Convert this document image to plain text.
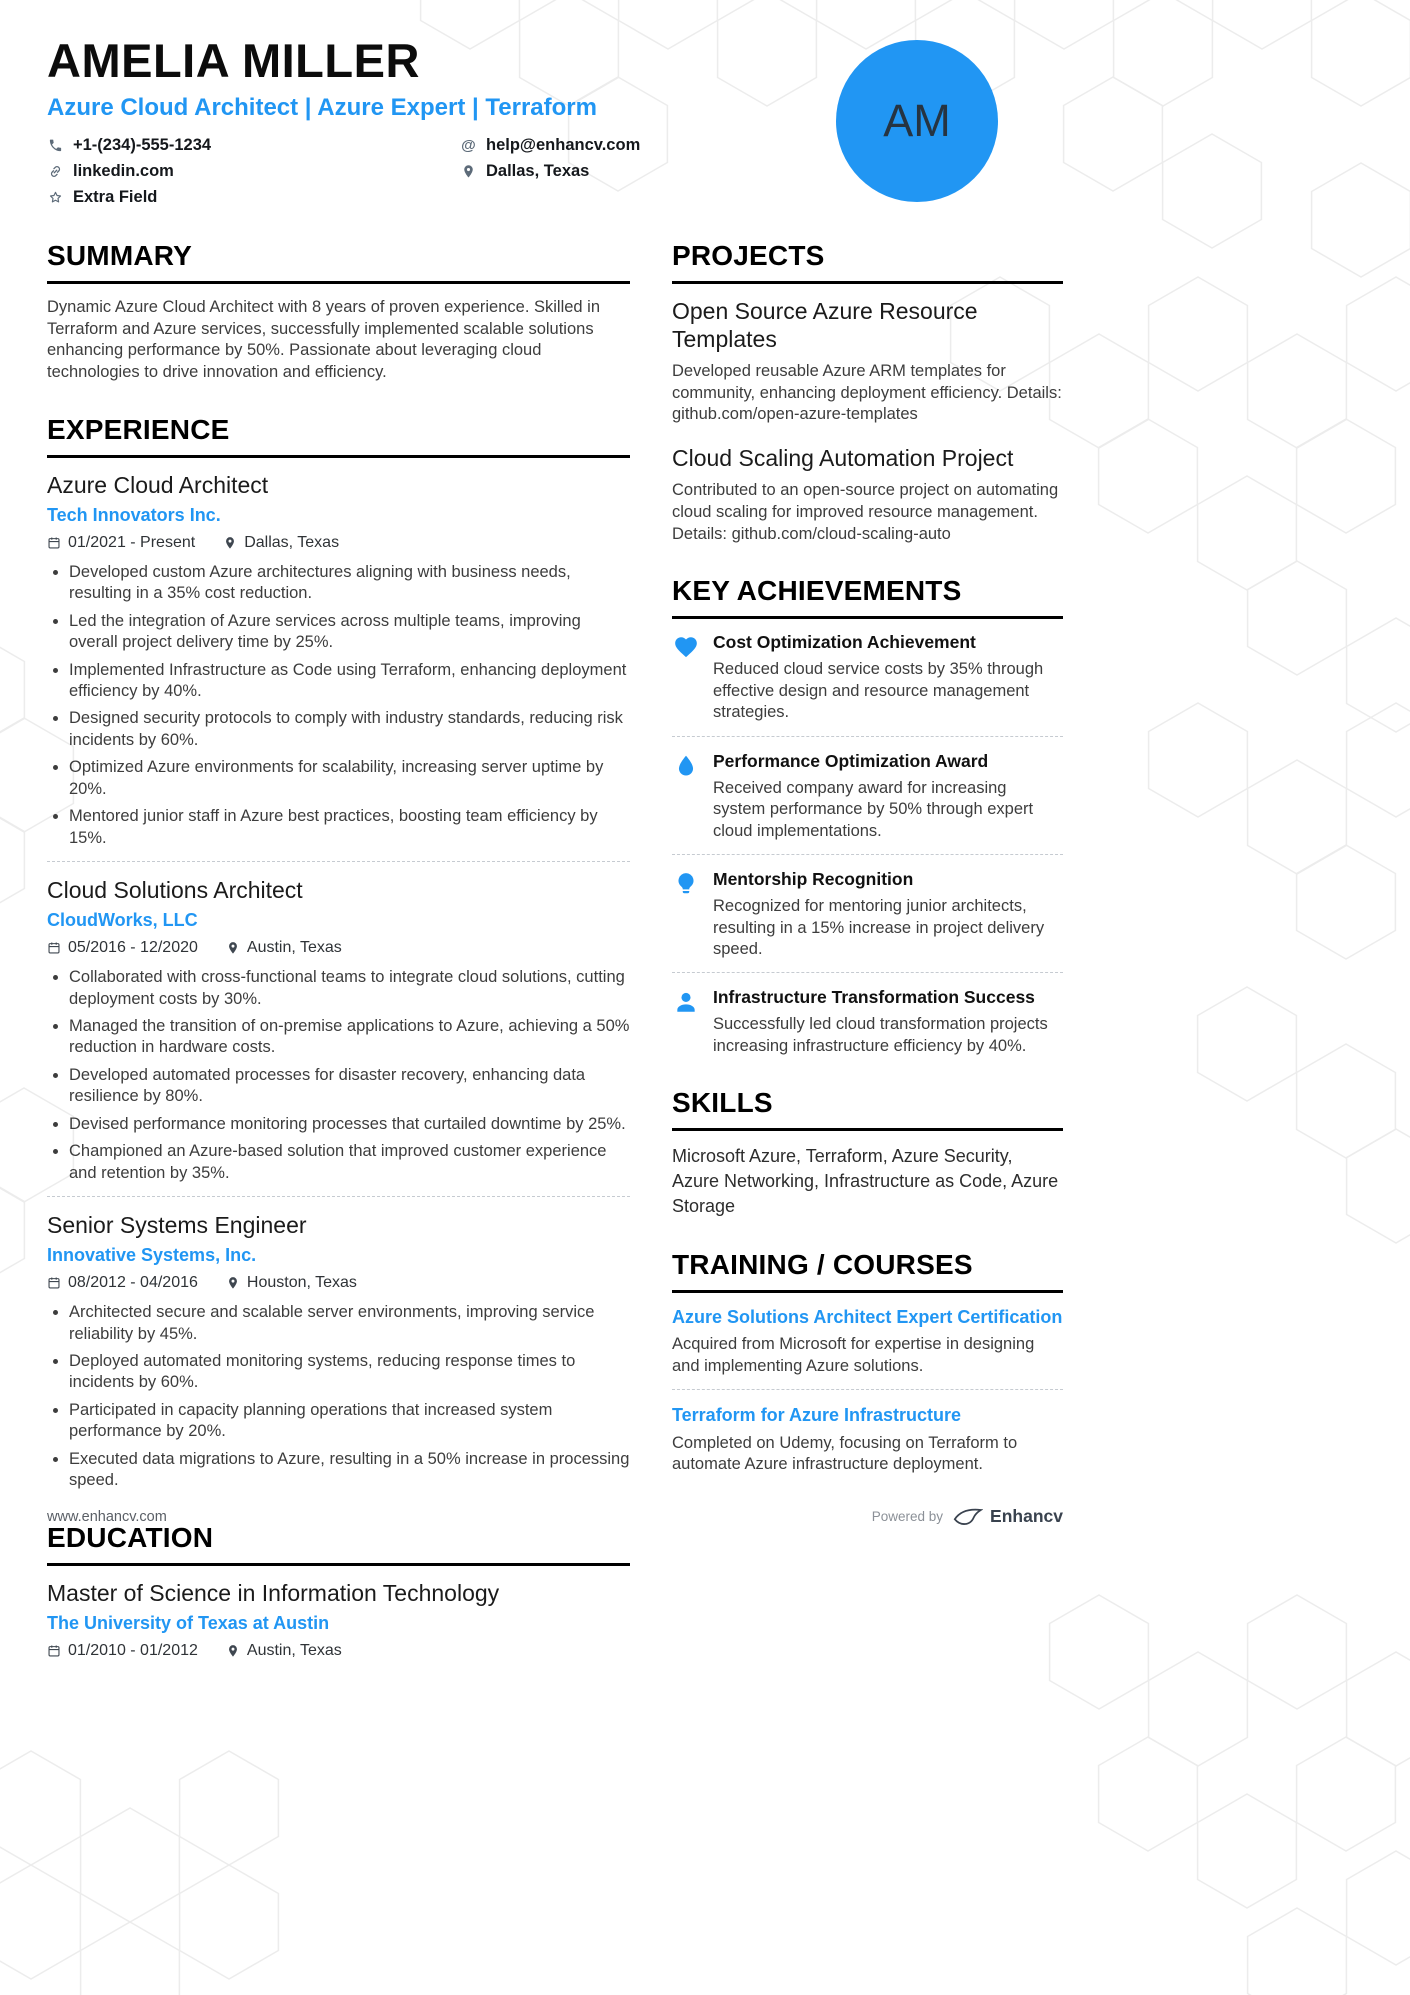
AMELIA MILLER
Azure Cloud Architect | Azure Expert | Terraform
+1-(234)-555-1234	@ help@enhancv.com
linkedin.com	Dallas, Texas
Extra Field
AM
SUMMARY

Dynamic Azure Cloud Architect with 8 years of proven experience. Skilled in Terraform and Azure services, successfully implemented scalable solutions enhancing performance by 50%. Passionate about leveraging cloud technologies to drive innovation and efficiency.

EXPERIENCE
Azure Cloud Architect
Tech Innovators Inc.
01/2021 - Present	Dallas, Texas
• Developed custom Azure architectures aligning with business needs, resulting in a 35% cost reduction.
• Led the integration of Azure services across multiple teams, improving overall project delivery time by 25%.
• Implemented Infrastructure as Code using Terraform, enhancing deployment efficiency by 40%.
• Designed security protocols to comply with industry standards, reducing risk incidents by 60%.
• Optimized Azure environments for scalability, increasing server uptime by 20%.
• Mentored junior staff in Azure best practices, boosting team efficiency by 15%.
Cloud Solutions Architect
CloudWorks, LLC
05/2016 - 12/2020	Austin, Texas
• Collaborated with cross-functional teams to integrate cloud solutions, cutting deployment costs by 30%.
• Managed the transition of on-premise applications to Azure, achieving a 50% reduction in hardware costs.
• Developed automated processes for disaster recovery, enhancing data resilience by 80%.
• Devised performance monitoring processes that curtailed downtime by 25%.
• Championed an Azure-based solution that improved customer experience and retention by 35%.
Senior Systems Engineer
Innovative Systems, Inc.
08/2012 - 04/2016	Houston, Texas
• Architected secure and scalable server environments, improving service reliability by 45%.
• Deployed automated monitoring systems, reducing response times to incidents by 60%.
• Participated in capacity planning operations that increased system performance by 20%.
• Executed data migrations to Azure, resulting in a 50% increase in processing speed.
EDUCATION
Master of Science in Information Technology
The University of Texas at Austin
01/2010 - 01/2012	Austin, Texas
PROJECTS
Open Source Azure Resource Templates

Developed reusable Azure ARM templates for community, enhancing deployment efficiency. Details: github.com/open-azure-templates

Cloud Scaling Automation Project

Contributed to an open-source project on automating cloud scaling for improved resource management. Details: github.com/cloud-scaling-auto

KEY ACHIEVEMENTS
Cost Optimization Achievement

Reduced cloud service costs by 35% through effective design and resource management strategies.

Performance Optimization Award

Received company award for increasing system performance by 50% through expert cloud implementations.

Mentorship Recognition

Recognized for mentoring junior architects, resulting in a 15% increase in project delivery speed.

Infrastructure Transformation Success

Successfully led cloud transformation projects increasing infrastructure efficiency by 40%.

SKILLS

Microsoft Azure, Terraform, Azure Security, Azure Networking, Infrastructure as Code, Azure Storage

TRAINING / COURSES
Azure Solutions Architect Expert Certification

Acquired from Microsoft for expertise in designing and implementing Azure solutions.

Terraform for Azure Infrastructure

Completed on Udemy, focusing on Terraform to automate Azure infrastructure deployment.

www.enhancv.com	Powered by	Enhancv
